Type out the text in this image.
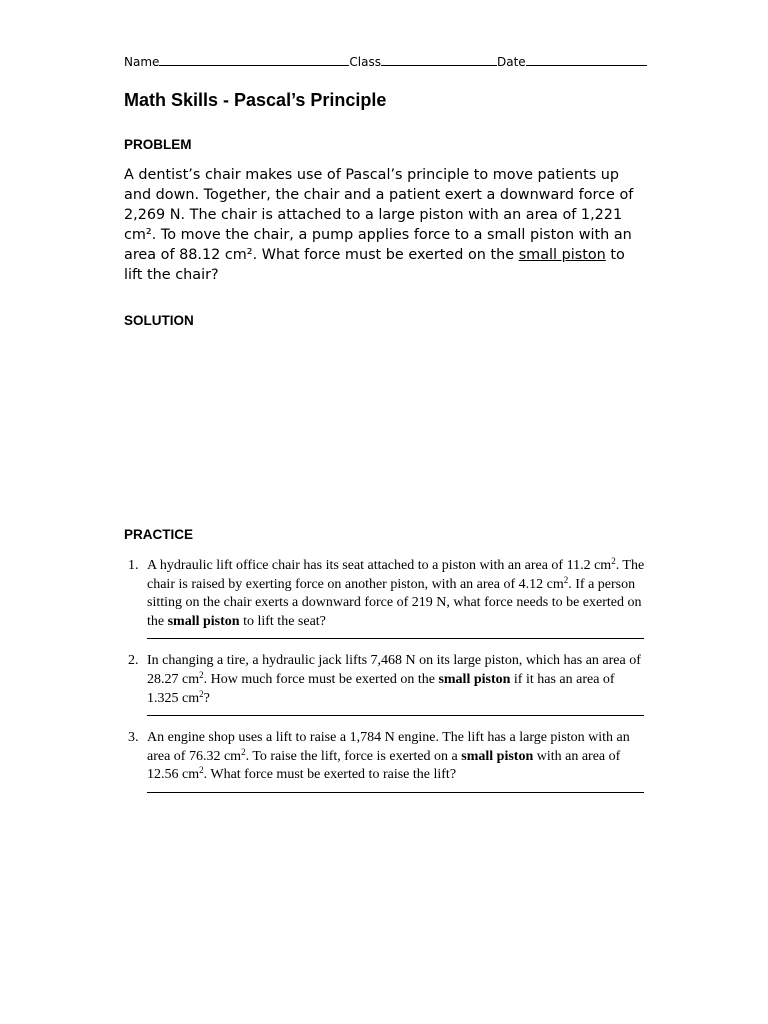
Name	Class	Date
Math Skills - Pascal’s Principle
PROBLEM

A dentist’s chair makes use of Pascal’s principle to move patients up and down. Together, the chair and a patient exert a downward force of 2,269 N. The chair is attached to a large piston with an area of 1,221 cm². To move the chair, a pump applies force to a small piston with an area of 88.12 cm². What force must be exerted on the small piston to lift the chair?

SOLUTION
PRACTICE
1. A hydraulic lift office chair has its seat attached to a piston with an area of 11.2 $cm^2$. The chair is raised by exerting force on another piston, with an area of 4.12 $cm^2$. If a person sitting on the chair exerts a downward force of 219 N, what force needs to be exerted on the small piston to lift the seat?
2. In changing a tire, a hydraulic jack lifts 7,468 N on its large piston, which has an area of 28.27 $cm^2$. How much force must be exerted on the small piston if it has an area of 1.325 $cm^2$?
3. An engine shop uses a lift to raise a 1,784 N engine. The lift has a large piston with an area of 76.32 $cm^2$. To raise the lift, force is exerted on a small piston with an area of 12.56 $cm^2$. What force must be exerted to raise the lift?
